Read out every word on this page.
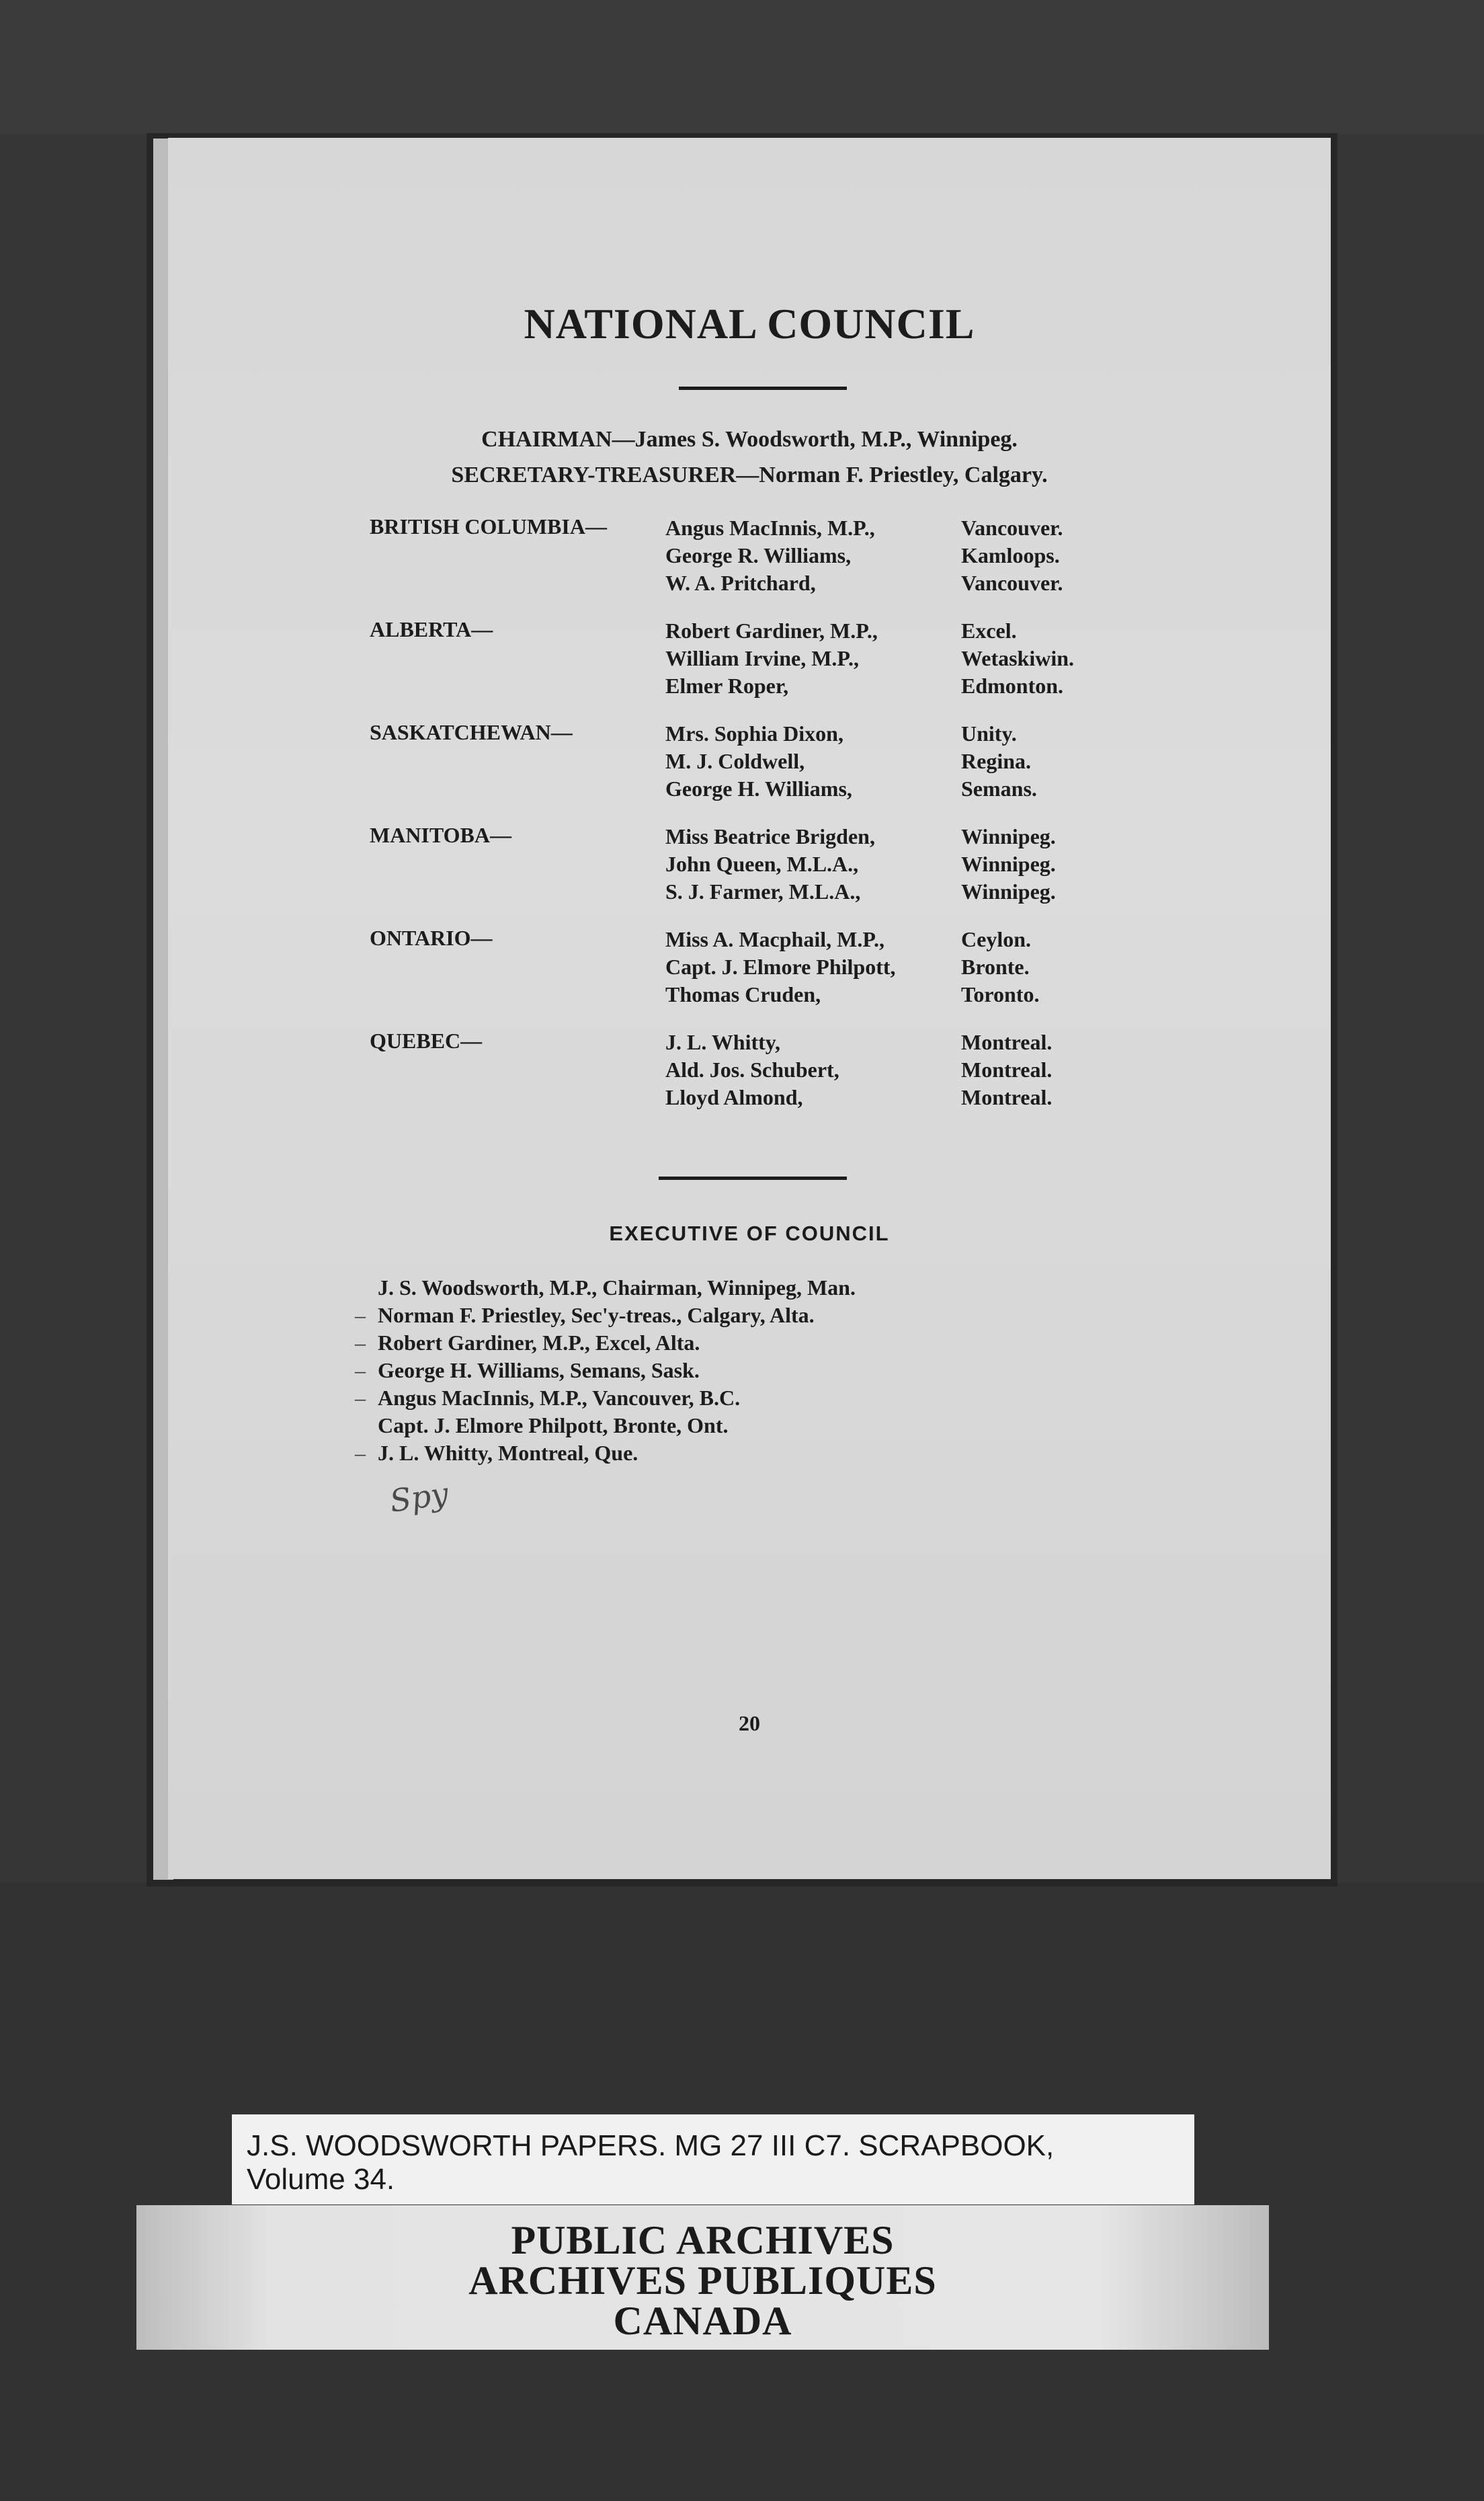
NATIONAL COUNCIL

CHAIRMAN—James S. Woodsworth, M.P., Winnipeg.

SECRETARY-TREASURER—Norman F. Priestley, Calgary.

BRITISH COLUMBIA—	Angus MacInnis, M.P.,	Vancouver.
George R. Williams,	Kamloops.
W. A. Pritchard,	Vancouver.
ALBERTA—	Robert Gardiner, M.P.,	Excel.
William Irvine, M.P.,	Wetaskiwin.
Elmer Roper,	Edmonton.
SASKATCHEWAN—	Mrs. Sophia Dixon,	Unity.
M. J. Coldwell,	Regina.
George H. Williams,	Semans.
MANITOBA—	Miss Beatrice Brigden,	Winnipeg.
John Queen, M.L.A.,	Winnipeg.
S. J. Farmer, M.L.A.,	Winnipeg.
ONTARIO—	Miss A. Macphail, M.P.,	Ceylon.
Capt. J. Elmore Philpott,	Bronte.
Thomas Cruden,	Toronto.
QUEBEC—	J. L. Whitty,	Montreal.
Ald. Jos. Schubert,	Montreal.
Lloyd Almond,	Montreal.
EXECUTIVE OF COUNCIL
J. S. Woodsworth, M.P., Chairman, Winnipeg, Man.
– Norman F. Priestley, Sec'y-treas., Calgary, Alta.
– Robert Gardiner, M.P., Excel, Alta.
– George H. Williams, Semans, Sask.
– Angus MacInnis, M.P., Vancouver, B.C.
Capt. J. Elmore Philpott, Bronte, Ont.
– J. L. Whitty, Montreal, Que.
Spy

20

J.S. WOODSWORTH PAPERS. MG 27 III C7. SCRAPBOOK,
Volume 34.
PUBLIC ARCHIVES
ARCHIVES PUBLIQUES
CANADA
